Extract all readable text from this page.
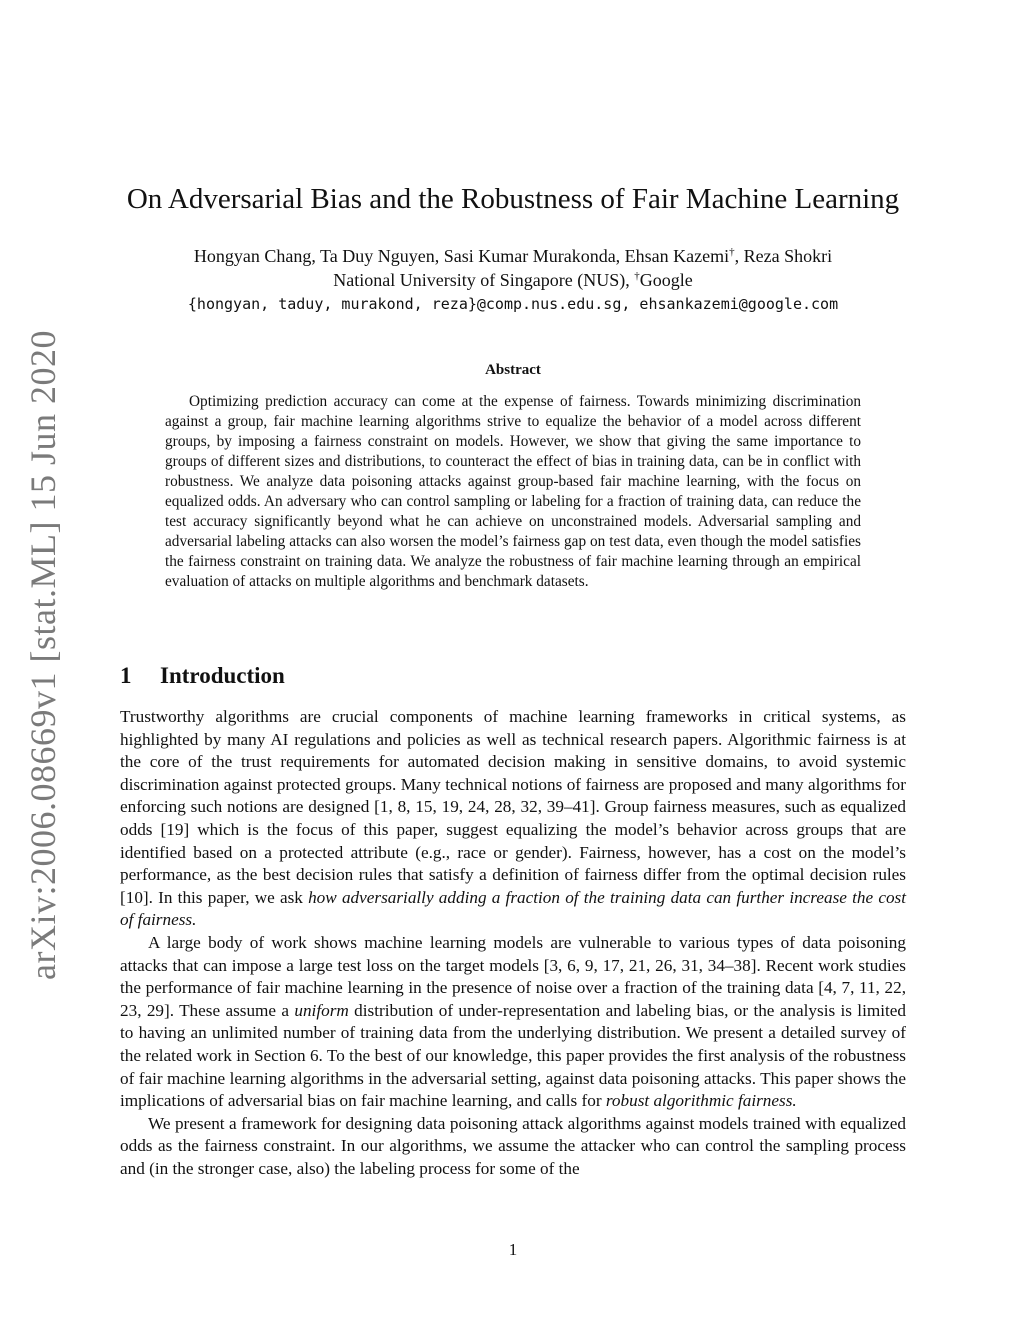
arXiv:2006.08669v1 [stat.ML] 15 Jun 2020
On Adversarial Bias and the Robustness of Fair Machine Learning
Hongyan Chang, Ta Duy Nguyen, Sasi Kumar Murakonda, Ehsan Kazemi†, Reza Shokri
National University of Singapore (NUS), †Google
{hongyan, taduy, murakond, reza}@comp.nus.edu.sg, ehsankazemi@google.com
Abstract

Optimizing prediction accuracy can come at the expense of fairness. Towards minimizing discrimination against a group, fair machine learning algorithms strive to equalize the behavior of a model across different groups, by imposing a fairness constraint on models. However, we show that giving the same importance to groups of different sizes and distributions, to counteract the effect of bias in training data, can be in conflict with robustness. We analyze data poisoning attacks against group-based fair machine learning, with the focus on equalized odds. An adversary who can control sampling or labeling for a fraction of training data, can reduce the test accuracy significantly beyond what he can achieve on unconstrained models. Adversarial sampling and adversarial labeling attacks can also worsen the model’s fairness gap on test data, even though the model satisfies the fairness constraint on training data. We analyze the robustness of fair machine learning through an empirical evaluation of attacks on multiple algorithms and benchmark datasets.

1 Introduction

Trustworthy algorithms are crucial components of machine learning frameworks in critical systems, as highlighted by many AI regulations and policies as well as technical research papers. Algorithmic fairness is at the core of the trust requirements for automated decision making in sensitive domains, to avoid systemic discrimination against protected groups. Many technical notions of fairness are proposed and many algorithms for enforcing such notions are designed [1, 8, 15, 19, 24, 28, 32, 39–41]. Group fairness measures, such as equalized odds [19] which is the focus of this paper, suggest equalizing the model’s behavior across groups that are identified based on a protected attribute (e.g., race or gender). Fairness, however, has a cost on the model’s performance, as the best decision rules that satisfy a definition of fairness differ from the optimal decision rules [10]. In this paper, we ask how adversarially adding a fraction of the training data can further increase the cost of fairness.

A large body of work shows machine learning models are vulnerable to various types of data poisoning attacks that can impose a large test loss on the target models [3, 6, 9, 17, 21, 26, 31, 34–38]. Recent work studies the performance of fair machine learning in the presence of noise over a fraction of the training data [4, 7, 11, 22, 23, 29]. These assume a uniform distribution of under-representation and labeling bias, or the analysis is limited to having an unlimited number of training data from the underlying distribution. We present a detailed survey of the related work in Section 6. To the best of our knowledge, this paper provides the first analysis of the robustness of fair machine learning algorithms in the adversarial setting, against data poisoning attacks. This paper shows the implications of adversarial bias on fair machine learning, and calls for robust algorithmic fairness.

We present a framework for designing data poisoning attack algorithms against models trained with equalized odds as the fairness constraint. In our algorithms, we assume the attacker who can control the sampling process and (in the stronger case, also) the labeling process for some of the

1
